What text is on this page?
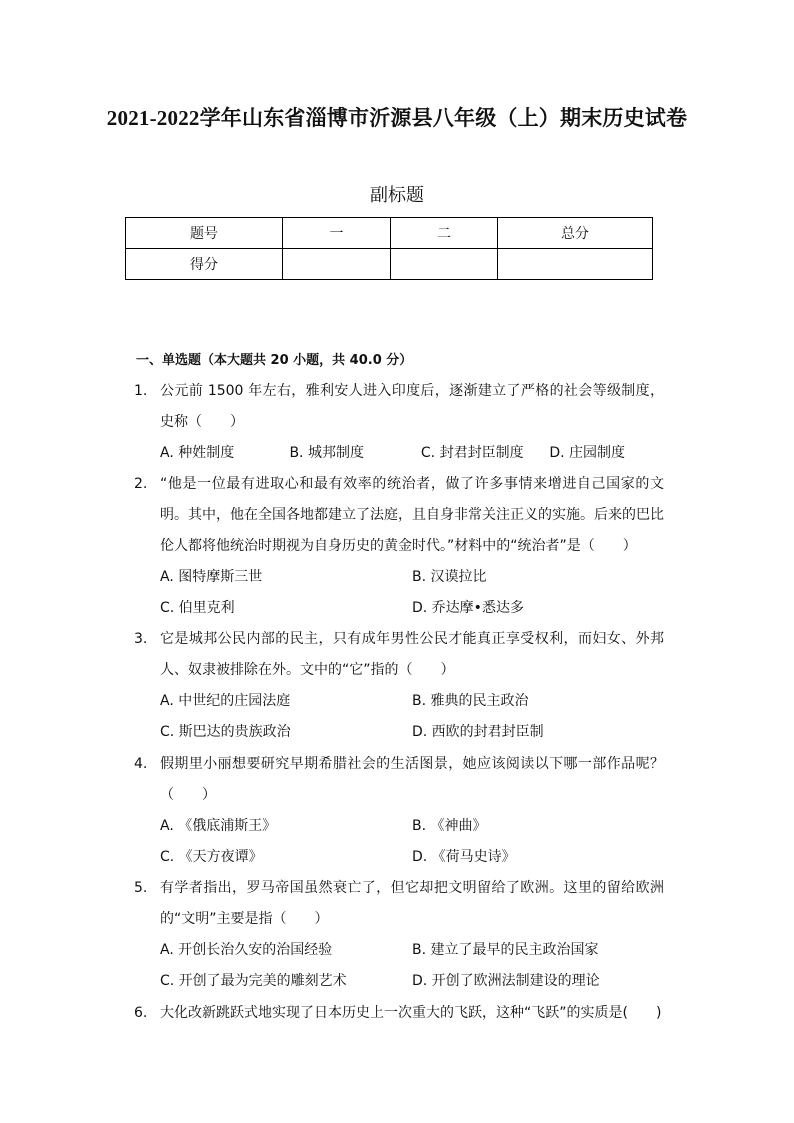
2021-2022学年山东省淄博市沂源县八年级（上）期末历史试卷
副标题
题号	一	二	总分
得分			
一、单选题（本大题共 20 小题，共 40.0 分）
1. 公元前 1500 年左右，雅利安人进入印度后，逐渐建立了严格的社会等级制度，史称（　　）
A. 种姓制度	B. 城邦制度	C. 封君封臣制度 D. 庄园制度
2. “他是一位最有进取心和最有效率的统治者，做了许多事情来增进自己国家的文明。其中，他在全国各地都建立了法庭，且自身非常关注正义的实施。后来的巴比伦人都将他统治时期视为自身历史的黄金时代。”材料中的“统治者”是（　　）
A. 图特摩斯三世	B. 汉谟拉比
C. 伯里克利	D. 乔达摩•悉达多
3. 它是城邦公民内部的民主，只有成年男性公民才能真正享受权利，而妇女、外邦人、奴隶被排除在外。文中的“它”指的（　　）
A. 中世纪的庄园法庭	B. 雅典的民主政治
C. 斯巴达的贵族政治	D. 西欧的封君封臣制
4. 假期里小丽想要研究早期希腊社会的生活图景，她应该阅读以下哪一部作品呢？（　　）
A. 《俄底浦斯王》	B. 《神曲》
C. 《天方夜谭》	D. 《荷马史诗》
5. 有学者指出，罗马帝国虽然衰亡了，但它却把文明留给了欧洲。这里的留给欧洲的“文明”主要是指（　　）
A. 开创长治久安的治国经验	B. 建立了最早的民主政治国家
C. 开创了最为完美的雕刻艺术	D. 开创了欧洲法制建设的理论
6. 大化改新跳跃式地实现了日本历史上一次重大的飞跃，这种“飞跃”的实质是(　　)
